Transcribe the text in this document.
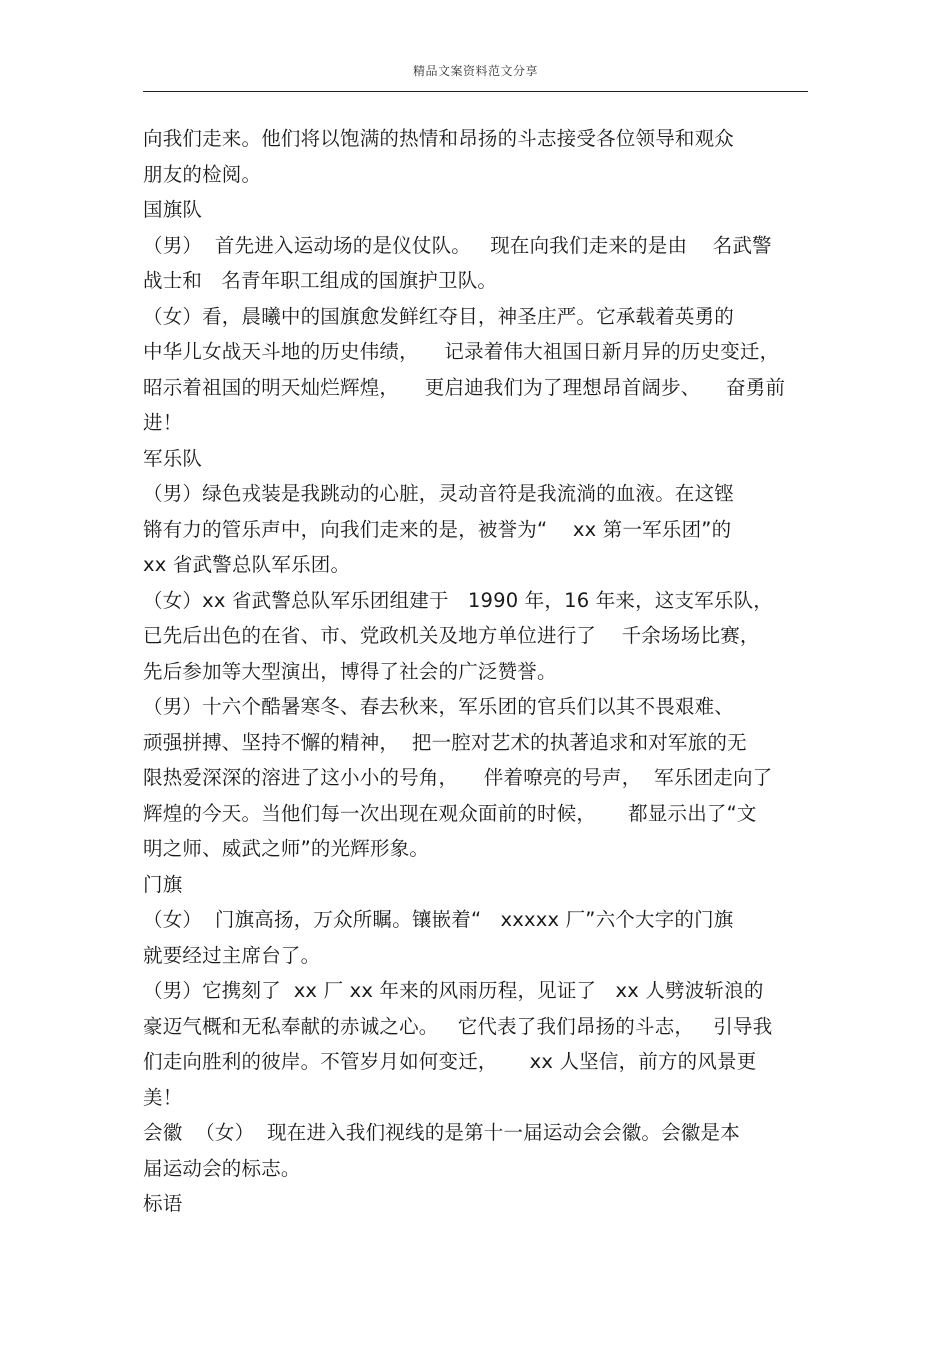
精品文案资料范文分享
向我们走来。他们将以饱满的热情和昂扬的斗志接受各位领导和观众
朋友的检阅。
国旗队
（男）  首先进入运动场的是仪仗队。   现在向我们走来的是由    名武警
战士和   名青年职工组成的国旗护卫队。
（女）看，晨曦中的国旗愈发鲜红夺目，神圣庄严。它承载着英勇的
中华儿女战天斗地的历史伟绩，    记录着伟大祖国日新月异的历史变迁，
昭示着祖国的明天灿烂辉煌，    更启迪我们为了理想昂首阔步、    奋勇前
进！
军乐队
（男）绿色戎装是我跳动的心脏，灵动音符是我流淌的血液。在这铿
锵有力的管乐声中，向我们走来的是，被誉为“    xx 第一军乐团”的
xx 省武警总队军乐团。
（女）xx 省武警总队军乐团组建于   1990 年，16 年来，这支军乐队，
已先后出色的在省、市、党政机关及地方单位进行了    千余场场比赛，
先后参加等大型演出，博得了社会的广泛赞誉。
（男）十六个酷暑寒冬、春去秋来，军乐团的官兵们以其不畏艰难、
顽强拼搏、坚持不懈的精神，  把一腔对艺术的执著追求和对军旅的无
限热爱深深的溶进了这小小的号角，    伴着嘹亮的号声，  军乐团走向了
辉煌的今天。当他们每一次出现在观众面前的时候，     都显示出了“文
明之师、威武之师”的光辉形象。
门旗
（女）  门旗高扬，万众所瞩。镶嵌着“   xxxxx 厂”六个大字的门旗
就要经过主席台了。
（男）它携刻了  xx 厂 xx 年来的风雨历程，见证了   xx 人劈波斩浪的
豪迈气概和无私奉献的赤诚之心。   它代表了我们昂扬的斗志，   引导我
们走向胜利的彼岸。不管岁月如何变迁，     xx 人坚信，前方的风景更
美！
会徽  （女）  现在进入我们视线的是第十一届运动会会徽。会徽是本
届运动会的标志。
标语
